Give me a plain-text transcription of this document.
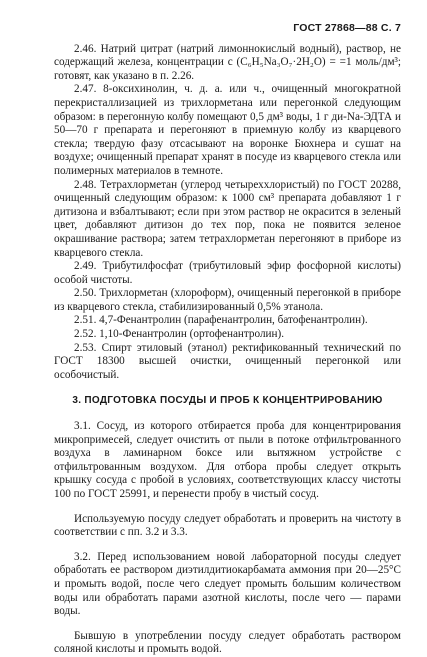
ГОСТ 27868—88 С. 7

2.46. Натрий цитрат (натрий лимоннокислый водный), раствор, не содержащий железа, концентрации с (C₆H₅Na₃O₇·2H₂O) = =1 моль/дм³; готовят, как указано в п. 2.26.

2.47. 8-оксихинолин, ч. д. а. или ч., очищенный многократной перекристаллизацией из трихлорметана или перегонкой следующим образом: в перегонную колбу помещают 0,5 дм³ воды, 1 г ди-Na-ЭДТА и 50—70 г препарата и перегоняют в приемную колбу из кварцевого стекла; твердую фазу отсасывают на воронке Бюхнера и сушат на воздухе; очищенный препарат хранят в посуде из кварцевого стекла или полимерных материалов в темноте.

2.48. Тетрахлорметан (углерод четыреххлористый) по ГОСТ 20288, очищенный следующим образом: к 1000 см³ препарата добавляют 1 г дитизона и взбалтывают; если при этом раствор не окрасится в зеленый цвет, добавляют дитизон до тех пор, пока не появится зеленое окрашивание раствора; затем тетрахлорметан перегоняют в приборе из кварцевого стекла.

2.49. Трибутилфосфат (трибутиловый эфир фосфорной кислоты) особой чистоты.

2.50. Трихлорметан (хлороформ), очищенный перегонкой в приборе из кварцевого стекла, стабилизированный 0,5% этанола.

2.51. 4,7-Фенантролин (парафенантролин, батофенантролин).

2.52. 1,10-Фенантролин (ортофенантролин).

2.53. Спирт этиловый (этанол) ректификованный технический по ГОСТ 18300 высшей очистки, очищенный перегонкой или особочистый.

3. ПОДГОТОВКА ПОСУДЫ И ПРОБ К КОНЦЕНТРИРОВАНИЮ

3.1. Сосуд, из которого отбирается проба для концентрирования микропримесей, следует очистить от пыли в потоке отфильтрованного воздуха в ламинарном боксе или вытяжном устройстве с отфильтрованным воздухом. Для отбора пробы следует открыть крышку сосуда с пробой в условиях, соответствующих классу чистоты 100 по ГОСТ 25991, и перенести пробу в чистый сосуд.

Используемую посуду следует обработать и проверить на чистоту в соответствии с пп. 3.2 и 3.3.

3.2. Перед использованием новой лабораторной посуды следует обработать ее раствором диэтилдитиокарбамата аммония при 20—25°С и промыть водой, после чего следует промыть большим количеством воды или обработать парами азотной кислоты, после чего — парами воды.

Бывшую в употреблении посуду следует обработать раствором соляной кислоты и промыть водой.
